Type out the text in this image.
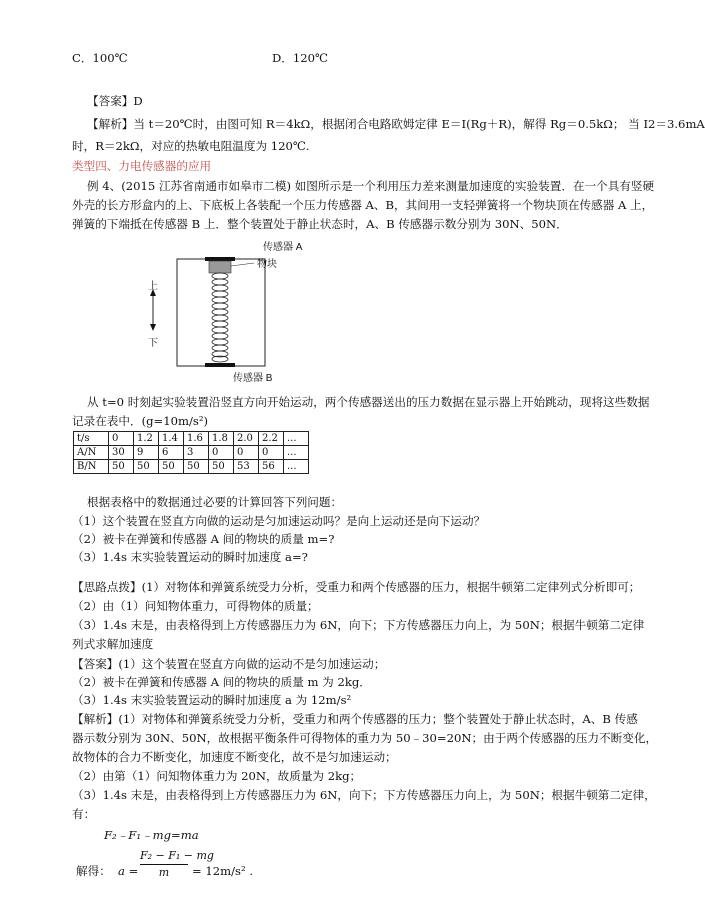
C．100℃	D．120℃
【答案】D
【解析】当 t＝20℃时，由图可知 R＝4kΩ，根据闭合电路欧姆定律 E＝I(Rg＋R)，解得 Rg＝0.5kΩ； 当 I2＝3.6mA
时，R＝2kΩ，对应的热敏电阻温度为 120℃.
类型四、力电传感器的应用
例 4、(2015 江苏省南通市如皋市二模) 如图所示是一个利用压力差来测量加速度的实验装置．在一个具有竖硬
外壳的长方形盒内的上、下底板上各装配一个压力传感器 A、B，其间用一支轻弹簧将一个物块顶在传感器 A 上，
弹簧的下端抵在传感器 B 上．整个装置处于静止状态时，A、B 传感器示数分别为 30N、50N．
传感器 A
物块
上
下
传感器 B
从 t=0 时刻起实验装置沿竖直方向开始运动，两个传感器送出的压力数据在显示器上开始跳动，现将这些数据
记录在表中．(g=10m/s²)
t/s	0	1.2	1.4	1.6	1.8	2.0	2.2	...
A/N	30	9	6	3	0	0	0	...
B/N	50	50	50	50	50	53	56	...
根据表格中的数据通过必要的计算回答下列问题：
（1）这个装置在竖直方向做的运动是匀加速运动吗？是向上运动还是向下运动？
（2）被卡在弹簧和传感器 A 间的物块的质量 m=?
（3）1.4s 末实验装置运动的瞬时加速度 a=?
【思路点拨】(1）对物体和弹簧系统受力分析，受重力和两个传感器的压力，根据牛顿第二定律列式分析即可；
（2）由（1）问知物体重力，可得物体的质量；
（3）1.4s 末是，由表格得到上方传感器压力为 6N，向下；下方传感器压力向上，为 50N；根据牛顿第二定律
列式求解加速度
【答案】(1）这个装置在竖直方向做的运动不是匀加速运动；
（2）被卡在弹簧和传感器 A 间的物块的质量 m 为 2kg．
（3）1.4s 末实验装置运动的瞬时加速度 a 为 12m/s²
【解析】(1）对物体和弹簧系统受力分析，受重力和两个传感器的压力；整个装置处于静止状态时，A、B 传感
器示数分别为 30N、50N，故根据平衡条件可得物体的重力为 50﹣30=20N；由于两个传感器的压力不断变化，
故物体的合力不断变化，加速度不断变化，故不是匀加速运动；
（2）由第（1）问知物体重力为 20N，故质量为 2kg；
（3）1.4s 末是，由表格得到上方传感器压力为 6N，向下；下方传感器压力向上，为 50N；根据牛顿第二定律，
有：
F₂﹣F₁﹣mg=ma
解得： a =
F₂ − F₁ − mg
m	= 12m/s² .
